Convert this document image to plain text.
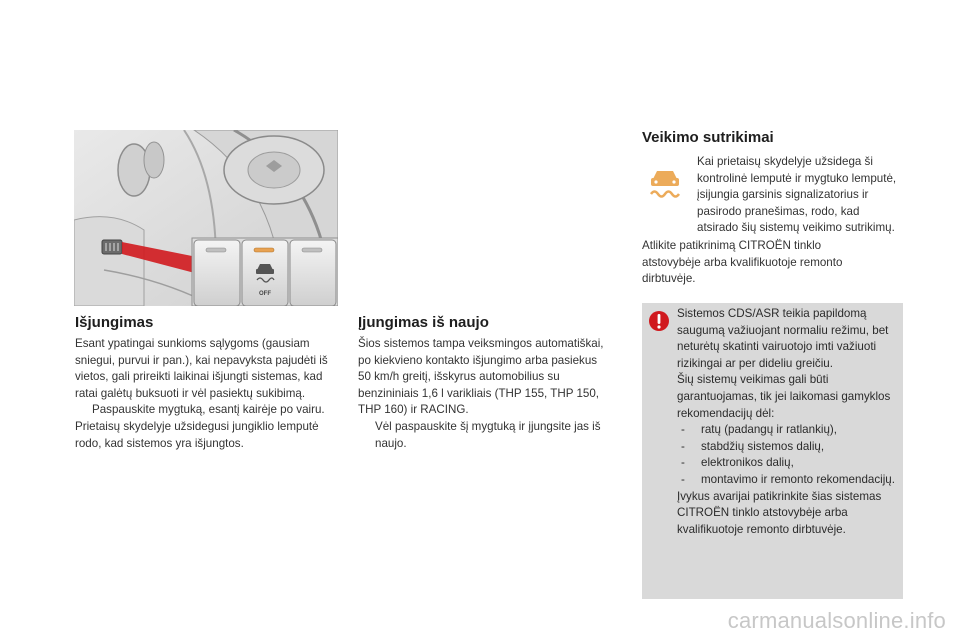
OFF
Išjungimas

Esant ypatingai sunkioms sąlygoms (gausiam sniegui, purvui ir pan.), kai nepavyksta pajudėti iš vietos, gali prireikti laikinai išjungti sistemas, kad ratai galėtų buksuoti ir vėl pasiektų sukibimą.

Paspauskite mygtuką, esantį kairėje po vairu.

Prietaisų skydelyje užsidegusi jungiklio lemputė rodo, kad sistemos yra išjungtos.

Įjungimas iš naujo

Šios sistemos tampa veiksmingos automatiškai, po kiekvieno kontakto išjungimo arba pasiekus 50 km/h greitį, išskyrus automobilius su benzininiais 1,6 l varikliais (THP 155, THP 150, THP 160) ir RACING.

Vėl paspauskite šį mygtuką ir įjungsite jas iš naujo.
Veikimo sutrikimai
Kai prietaisų skydelyje užsidega ši kontrolinė lemputė ir mygtuko lemputė, įsijungia garsinis signalizatorius ir pasirodo pranešimas, rodo, kad atsirado šių sistemų veikimo sutrikimų.
Atlikite patikrinimą CITROËN tinklo atstovybėje arba kvalifikuotoje remonto dirbtuvėje.

Sistemos CDS/ASR teikia papildomą saugumą važiuojant normaliu režimu, bet neturėtų skatinti vairuotojo imti važiuoti rizikingai ar per dideliu greičiu.

Šių sistemų veikimas gali būti garantuojamas, tik jei laikomasi gamyklos rekomendacijų dėl:

-	ratų (padangų ir ratlankių),
-	stabdžių sistemos dalių,
-	elektronikos dalių,
-	montavimo ir remonto rekomendacijų.

Įvykus avarijai patikrinkite šias sistemas CITROËN tinklo atstovybėje arba kvalifikuotoje remonto dirbtuvėje.

carmanualsonline.info
